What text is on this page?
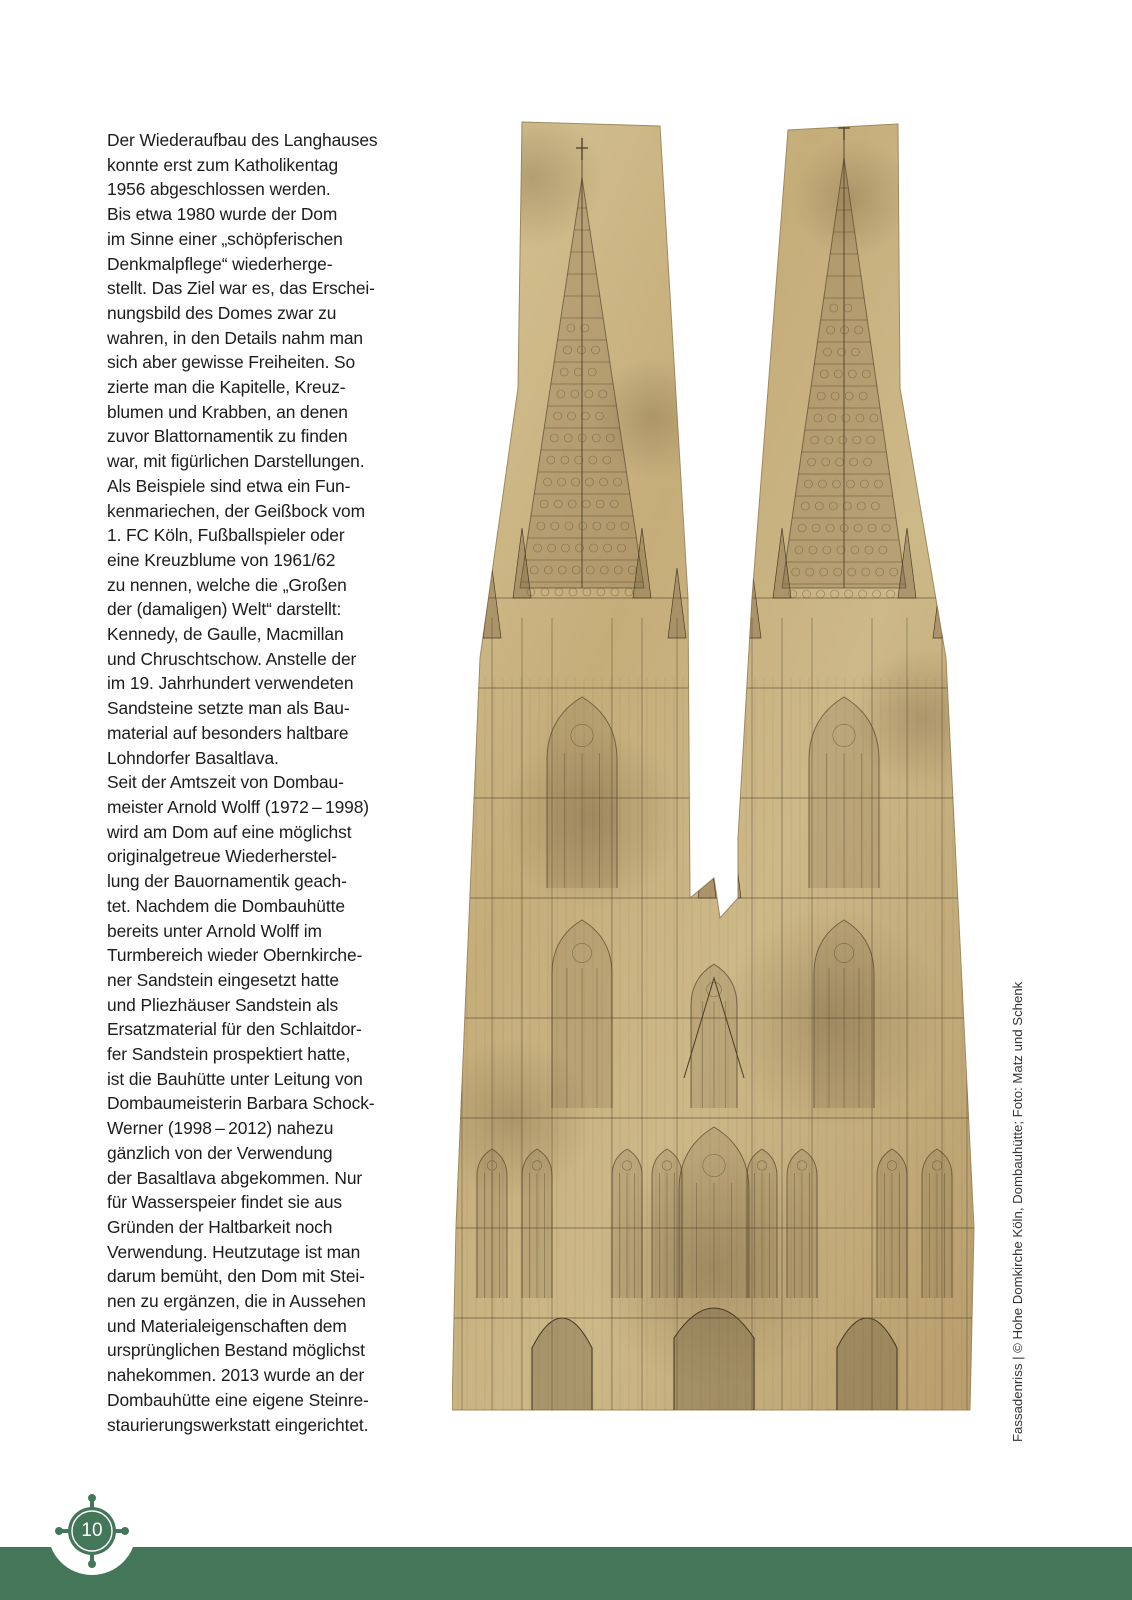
Der Wiederaufbau des Langhauses
konnte erst zum Katholikentag
1956 abgeschlossen werden.
Bis etwa 1980 wurde der Dom
im Sinne einer „schöpferischen
Denkmalpflege“ wiederherge-
stellt. Das Ziel war es, das Erschei-
nungsbild des Domes zwar zu
wahren, in den Details nahm man
sich aber gewisse Freiheiten. So
zierte man die Kapitelle, Kreuz-
blumen und Krabben, an denen
zuvor Blattornamentik zu finden
war, mit figürlichen Darstellungen.
Als Beispiele sind etwa ein Fun-
kenmariechen, der Geißbock vom
1. FC Köln, Fußballspieler oder
eine Kreuzblume von 1961/62
zu nennen, welche die „Großen
der (damaligen) Welt“ darstellt:
Kennedy, de Gaulle, Macmillan
und Chruschtschow. Anstelle der
im 19. Jahrhundert verwendeten
Sandsteine setzte man als Bau-
material auf besonders haltbare
Lohndorfer Basaltlava.
Seit der Amtszeit von Dombau-
meister Arnold Wolff (1972 – 1998)
wird am Dom auf eine möglichst
originalgetreue Wiederherstel-
lung der Bauornamentik geach-
tet. Nachdem die Dombauhütte
bereits unter Arnold Wolff im
Turmbereich wieder Obernkirche-
ner Sandstein eingesetzt hatte
und Pliezhäuser Sandstein als
Ersatzmaterial für den Schlaitdor-
fer Sandstein prospektiert hatte,
ist die Bauhütte unter Leitung von
Dombaumeisterin Barbara Schock-
Werner (1998 – 2012) nahezu
gänzlich von der Verwendung
der Basaltlava abgekommen. Nur
für Wasserspeier findet sie aus
Gründen der Haltbarkeit noch
Verwendung. Heutzutage ist man
darum bemüht, den Dom mit Stei-
nen zu ergänzen, die in Aussehen
und Materialeigenschaften dem
ursprünglichen Bestand möglichst
nahekommen. 2013 wurde an der
Dombauhütte eine eigene Steinre-
staurierungswerkstatt eingerichtet.	Fassadenriss | © Hohe Domkirche Köln, Dombauhütte; Foto: Matz und Schenk
10
